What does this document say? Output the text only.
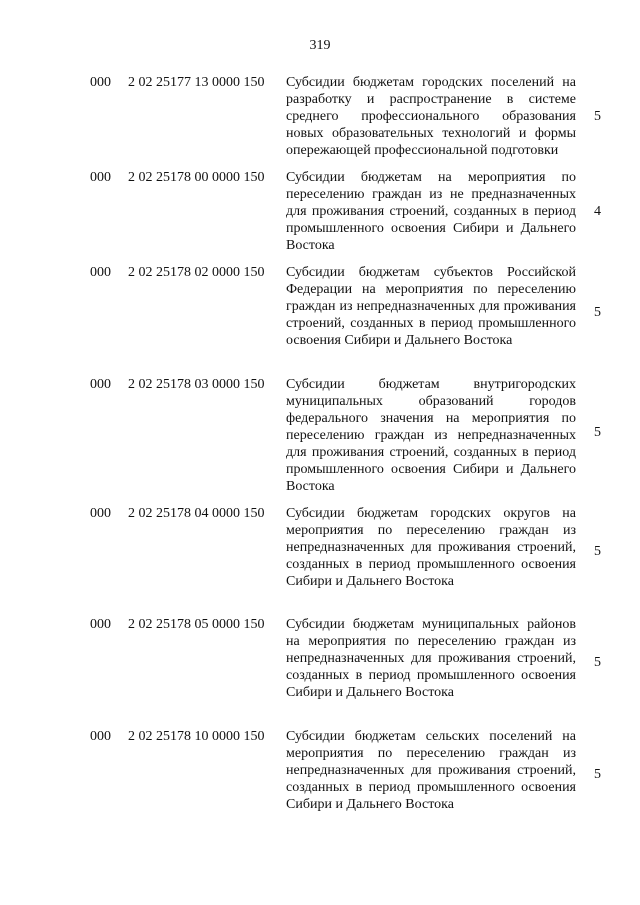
319
000 2 02 25177 13 0000 150 Субсидии бюджетам городских поселений на разработку и распространение в системе среднего профессионального образования новых образовательных технологий и формы опережающей профессиональной подготовки
5
000 2 02 25178 00 0000 150 Субсидии бюджетам на мероприятия по переселению граждан из не предназначенных для проживания строений, созданных в период промышленного освоения Сибири и Дальнего Востока
4
000 2 02 25178 02 0000 150 Субсидии бюджетам субъектов Российской Федерации на мероприятия по переселению граждан из непредназначенных для проживания строений, созданных в период промышленного освоения Сибири и Дальнего Востока
5
000 2 02 25178 03 0000 150 Субсидии бюджетам внутригородских муниципальных образований городов федерального значения на мероприятия по переселению граждан из непредназначенных для проживания строений, созданных в период промышленного освоения Сибири и Дальнего Востока
5
000 2 02 25178 04 0000 150 Субсидии бюджетам городских округов на мероприятия по переселению граждан из непредназначенных для проживания строений, созданных в период промышленного освоения Сибири и Дальнего Востока
5
000 2 02 25178 05 0000 150 Субсидии бюджетам муниципальных районов на мероприятия по переселению граждан из непредназначенных для проживания строений, созданных в период промышленного освоения Сибири и Дальнего Востока
5
000 2 02 25178 10 0000 150 Субсидии бюджетам сельских поселений на мероприятия по переселению граждан из непредназначенных для проживания строений, созданных в период промышленного освоения Сибири и Дальнего Востока
5
